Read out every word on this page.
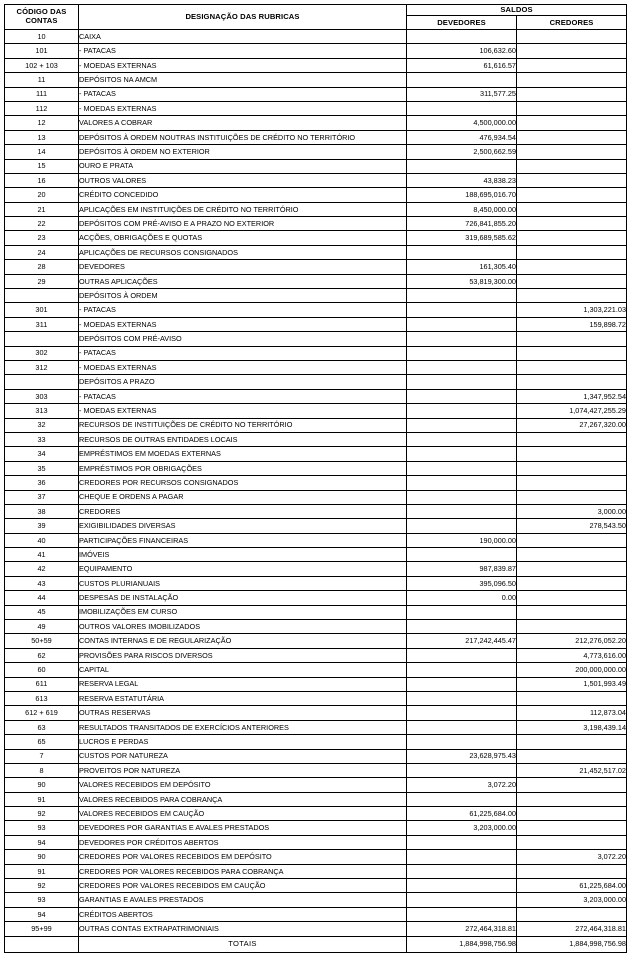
CÓDIGO DAS
CONTAS	DESIGNAÇÃO DAS RUBRICAS	SALDOS	
		DEVEDORES	CREDORES
10	CAIXA		
101	- PATACAS	106,632.60	
102 + 103	- MOEDAS EXTERNAS	61,616.57	
11	DEPÓSITOS NA AMCM		
111	- PATACAS	311,577.25	
112	- MOEDAS EXTERNAS		
12	VALORES A COBRAR	4,500,000.00	
13	DEPÓSITOS À ORDEM NOUTRAS INSTITUIÇÕES DE CRÉDITO NO TERRITÓRIO	476,934.54	
14	DEPÓSITOS À ORDEM NO EXTERIOR	2,500,662.59	
15	OURO E PRATA		
16	OUTROS VALORES	43,838.23	
20	CRÉDITO CONCEDIDO	188,695,016.70	
21	APLICAÇÕES EM INSTITUIÇÕES DE CRÉDITO NO TERRITÓRIO	8,450,000.00	
22	DEPÓSITOS COM PRÉ-AVISO E A PRAZO NO EXTERIOR	726,841,855.20	
23	ACÇÕES, OBRIGAÇÕES E QUOTAS	319,689,585.62	
24	APLICAÇÕES DE RECURSOS CONSIGNADOS		
28	DEVEDORES	161,305.40	
29	OUTRAS APLICAÇÕES	53,819,300.00	
	DEPÓSITOS À ORDEM		
301	- PATACAS		1,303,221.03
311	- MOEDAS EXTERNAS		159,898.72
	DEPÓSITOS COM PRÉ-AVISO		
302	- PATACAS		
312	- MOEDAS EXTERNAS		
	DEPÓSITOS A PRAZO		
303	- PATACAS		1,347,952.54
313	- MOEDAS EXTERNAS		1,074,427,255.29
32	RECURSOS DE INSTITUIÇÕES DE CRÉDITO NO TERRITÓRIO		27,267,320.00
33	RECURSOS DE OUTRAS ENTIDADES LOCAIS		
34	EMPRÉSTIMOS EM MOEDAS EXTERNAS		
35	EMPRÉSTIMOS POR OBRIGAÇÕES		
36	CREDORES POR RECURSOS CONSIGNADOS		
37	CHEQUE E ORDENS A PAGAR		
38	CREDORES		3,000.00
39	EXIGIBILIDADES DIVERSAS		278,543.50
40	PARTICIPAÇÕES FINANCEIRAS	190,000.00	
41	IMÓVEIS		
42	EQUIPAMENTO	987,839.87	
43	CUSTOS PLURIANUAIS	395,096.50	
44	DESPESAS DE INSTALAÇÃO	0.00	
45	IMOBILIZAÇÕES EM CURSO		
49	OUTROS VALORES IMOBILIZADOS		
50+59	CONTAS INTERNAS E DE REGULARIZAÇÃO	217,242,445.47	212,276,052.20
62	PROVISÕES PARA RISCOS DIVERSOS		4,773,616.00
60	CAPITAL		200,000,000.00
611	RESERVA LEGAL		1,501,993.49
613	RESERVA ESTATUTÁRIA		
612 + 619	OUTRAS RESERVAS		112,873.04
63	RESULTADOS TRANSITADOS DE EXERCÍCIOS ANTERIORES		3,198,439.14
65	LUCROS E PERDAS		
7	CUSTOS POR NATUREZA	23,628,975.43	
8	PROVEITOS POR NATUREZA		21,452,517.02
90	VALORES RECEBIDOS EM DEPÓSITO	3,072.20	
91	VALORES RECEBIDOS PARA COBRANÇA		
92	VALORES RECEBIDOS EM CAUÇÃO	61,225,684.00	
93	DEVEDORES POR GARANTIAS E AVALES PRESTADOS	3,203,000.00	
94	DEVEDORES POR CRÉDITOS ABERTOS		
90	CREDORES POR VALORES RECEBIDOS EM DEPÓSITO		3,072.20
91	CREDORES POR VALORES RECEBIDOS PARA COBRANÇA		
92	CREDORES POR VALORES RECEBIDOS EM CAUÇÃO		61,225,684.00
93	GARANTIAS E AVALES PRESTADOS		3,203,000.00
94	CRÉDITOS ABERTOS		
95+99	OUTRAS CONTAS EXTRAPATRIMONIAIS	272,464,318.81	272,464,318.81
	TOTAIS	1,884,998,756.98	1,884,998,756.98
